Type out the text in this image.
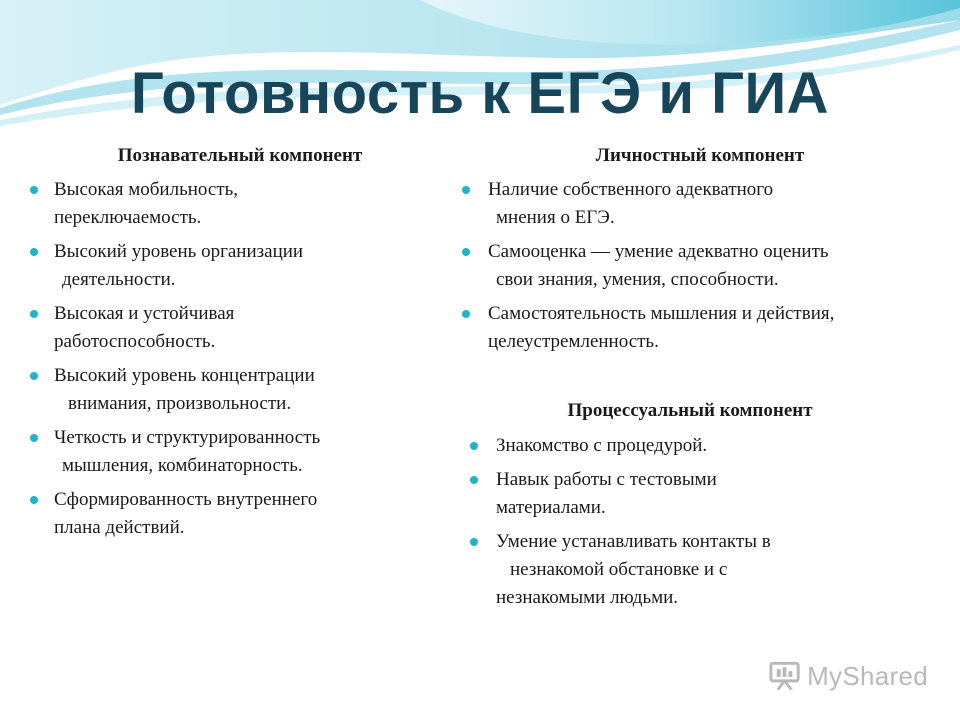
Готовность к ЕГЭ и ГИА
Познавательный компонент
Высокая мобильность,
переключаемость.
Высокий уровень организации
деятельности.
Высокая и устойчивая
работоспособность.
Высокий уровень концентрации
внимания, произвольности.
Четкость и структурированность
мышления, комбинаторность.
Сформированность внутреннего
плана действий.
Личностный компонент
Наличие собственного адекватного
мнения о ЕГЭ.
Самооценка — умение адекватно оценить
свои знания, умения, способности.
Самостоятельность мышления и действия,
целеустремленность.
Процессуальный компонент
Знакомство с процедурой.
Навык работы с тестовыми
материалами.
Умение устанавливать контакты в
незнакомой обстановке и с
незнакомыми людьми.
MyShared
